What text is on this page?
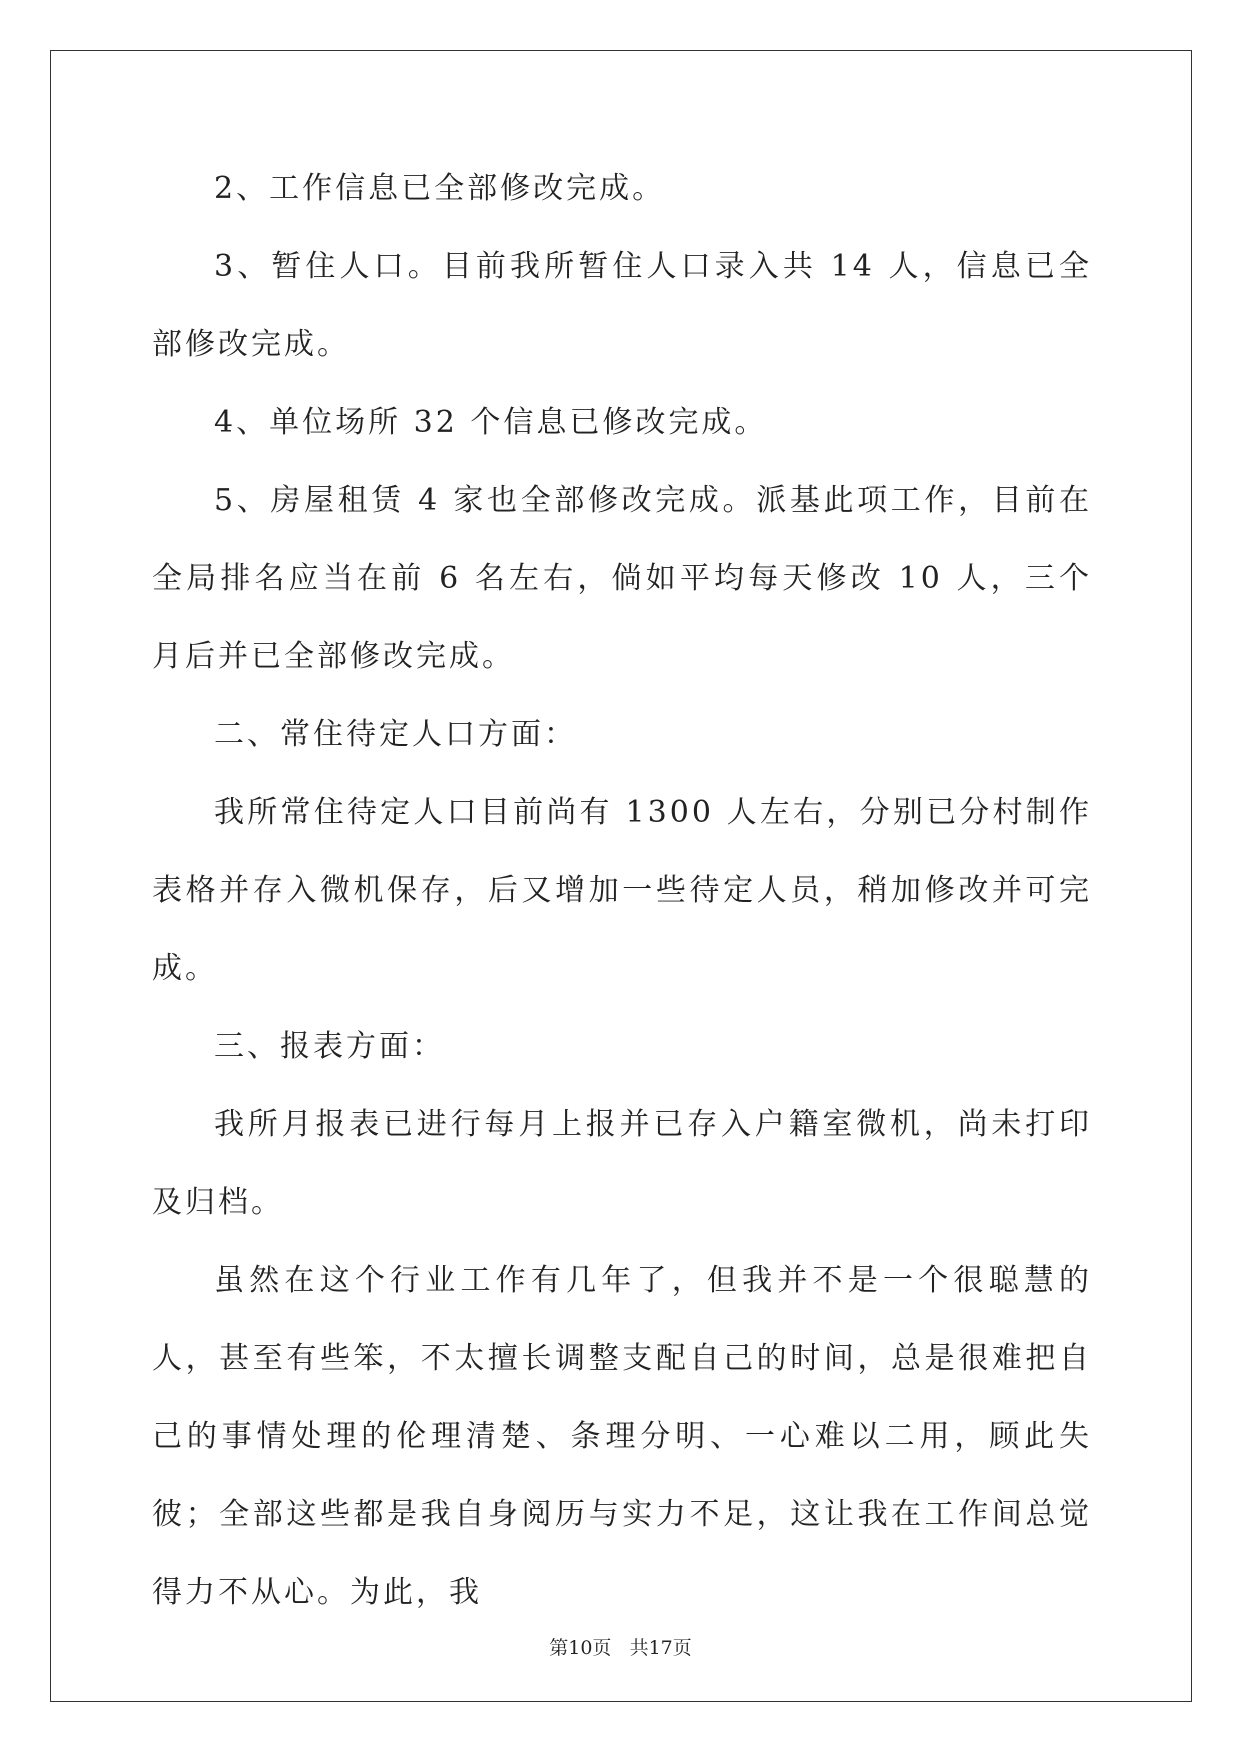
2、工作信息已全部修改完成。

3、暂住人口。目前我所暂住人口录入共 14 人，信息已全部修改完成。

4、单位场所 32 个信息已修改完成。

5、房屋租赁 4 家也全部修改完成。派基此项工作，目前在全局排名应当在前 6 名左右，倘如平均每天修改 10 人，三个月后并已全部修改完成。

二、常住待定人口方面：

我所常住待定人口目前尚有 1300 人左右，分别已分村制作表格并存入微机保存，后又增加一些待定人员，稍加修改并可完成。

三、报表方面：

我所月报表已进行每月上报并已存入户籍室微机，尚未打印及归档。

虽然在这个行业工作有几年了，但我并不是一个很聪慧的人，甚至有些笨，不太擅长调整支配自己的时间，总是很难把自己的事情处理的伦理清楚、条理分明、一心难以二用，顾此失彼；全部这些都是我自身阅历与实力不足，这让我在工作间总觉得力不从心。为此，我

第10页 共17页
